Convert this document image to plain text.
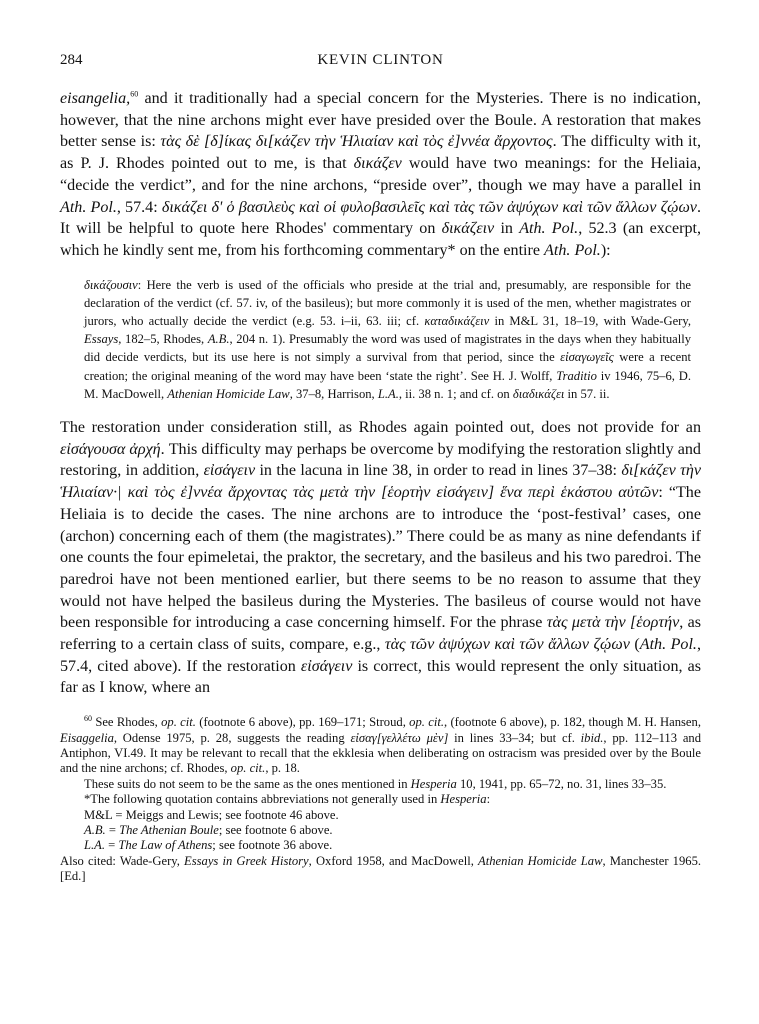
284	KEVIN CLINTON

eisangelia,$^{60}$ and it traditionally had a special concern for the Mysteries. There is no indication, however, that the nine archons might ever have presided over the Boule. A restoration that makes better sense is: τὰς δὲ [δ]ίκας δι[κάζεν τὴν Ἡλιαίαν καὶ τὸς ἐ]ννέα ἄρχοντος. The difficulty with it, as P. J. Rhodes pointed out to me, is that δικάζεν would have two meanings: for the Heliaia, “decide the verdict”, and for the nine archons, “preside over”, though we may have a parallel in Ath. Pol., 57.4: δικάζει δ' ὁ βασιλεὺς καὶ οἱ φυλοβασιλεῖς καὶ τὰς τῶν ἀψύχων καὶ τῶν ἄλλων ζῴων. It will be helpful to quote here Rhodes' commentary on δικάζειν in Ath. Pol., 52.3 (an excerpt, which he kindly sent me, from his forthcoming commentary* on the entire Ath. Pol.):

δικάζουσιν: Here the verb is used of the officials who preside at the trial and, presumably, are responsible for the declaration of the verdict (cf. 57. iv, of the basileus); but more commonly it is used of the men, whether magistrates or jurors, who actually decide the verdict (e.g. 53. i–ii, 63. iii; cf. καταδικάζειν in M&L 31, 18–19, with Wade-Gery, Essays, 182–5, Rhodes, A.B., 204 n. 1). Presumably the word was used of magistrates in the days when they habitually did decide verdicts, but its use here is not simply a survival from that period, since the εἰσαγωγεῖς were a recent creation; the original meaning of the word may have been ‘state the right’. See H. J. Wolff, Traditio iv 1946, 75–6, D. M. MacDowell, Athenian Homicide Law, 37–8, Harrison, L.A., ii. 38 n. 1; and cf. on διαδικάζει in 57. ii.

The restoration under consideration still, as Rhodes again pointed out, does not provide for an εἰσάγουσα ἀρχή. This difficulty may perhaps be overcome by modifying the restoration slightly and restoring, in addition, εἰσάγειν in the lacuna in line 38, in order to read in lines 37–38: δι[κάζεν τὴν Ἡλιαίαν·| καὶ τὸς ἐ]ννέα ἄρχοντας τὰς μετὰ τὴν [ἑορτὴν εἰσάγειν] ἕνα περὶ ἑκάστου αὐτῶν: “The Heliaia is to decide the cases. The nine archons are to introduce the ‘post-festival’ cases, one (archon) concerning each of them (the magistrates).” There could be as many as nine defendants if one counts the four epimeletai, the praktor, the secretary, and the basileus and his two paredroi. The paredroi have not been mentioned earlier, but there seems to be no reason to assume that they would not have helped the basileus during the Mysteries. The basileus of course would not have been responsible for introducing a case concerning himself. For the phrase τὰς μετὰ τὴν [ἑορτήν, as referring to a certain class of suits, compare, e.g., τὰς τῶν ἀψύχων καὶ τῶν ἄλλων ζῴων (Ath. Pol., 57.4, cited above). If the restoration εἰσάγειν is correct, this would represent the only situation, as far as I know, where an

$^{60}$ See Rhodes, op. cit. (footnote 6 above), pp. 169–171; Stroud, op. cit., (footnote 6 above), p. 182, though M. H. Hansen, Eisaggelia, Odense 1975, p. 28, suggests the reading εἰσαγ[γελλέτω μὲν] in lines 33–34; but cf. ibid., pp. 112–113 and Antiphon, VI.49. It may be relevant to recall that the ekklesia when deliberating on ostracism was presided over by the Boule and the nine archons; cf. Rhodes, op. cit., p. 18.

These suits do not seem to be the same as the ones mentioned in Hesperia 10, 1941, pp. 65–72, no. 31, lines 33–35.

*The following quotation contains abbreviations not generally used in Hesperia:

M&L = Meiggs and Lewis; see footnote 46 above.

A.B. = The Athenian Boule; see footnote 6 above.

L.A. = The Law of Athens; see footnote 36 above.

Also cited: Wade-Gery, Essays in Greek History, Oxford 1958, and MacDowell, Athenian Homicide Law, Manchester 1965. [Ed.]
